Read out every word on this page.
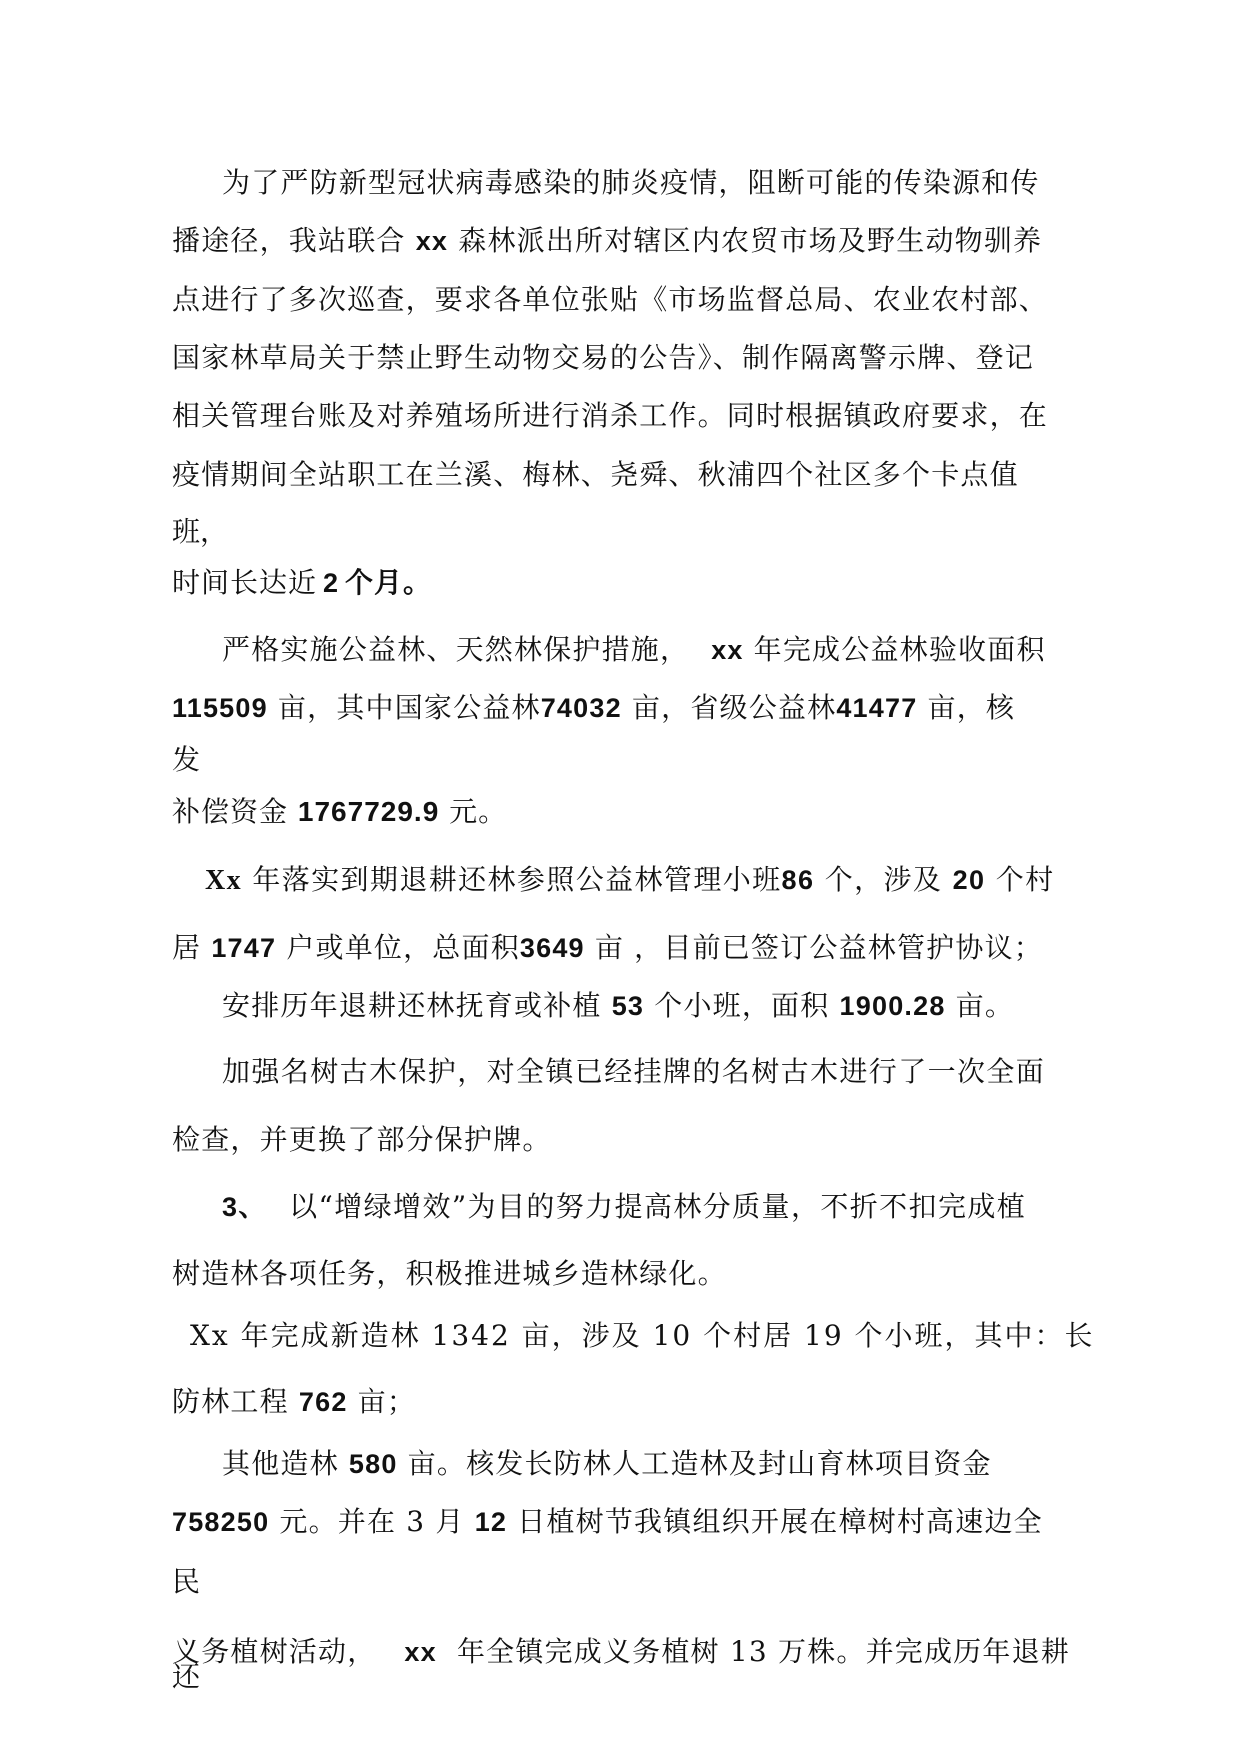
为了严防新型冠状病毒感染的肺炎疫情，阻断可能的传染源和传
播途径，我站联合 xx 森林派出所对辖区内农贸市场及野生动物驯养
点进行了多次巡查，要求各单位张贴《市场监督总局、农业农村部、
国家林草局关于禁止野生动物交易的公告》、制作隔离警示牌、登记
相关管理台账及对养殖场所进行消杀工作。同时根据镇政府要求，在
疫情期间全站职工在兰溪、梅林、尧舜、秋浦四个社区多个卡点值
班，
时间长达近 2 个月。
严格实施公益林、天然林保护措施， xx 年完成公益林验收面积
115509 亩，其中国家公益林74032 亩，省级公益林41477 亩，核
发
补偿资金 1767729.9 元。
Xx 年落实到期退耕还林参照公益林管理小班86 个，涉及 20 个村
居 1747 户或单位，总面积3649 亩 ，目前已签订公益林管护协议；
安排历年退耕还林抚育或补植 53 个小班，面积 1900.28 亩。
加强名树古木保护，对全镇已经挂牌的名树古木进行了一次全面
检查，并更换了部分保护牌。
3、 以“增绿增效”为目的努力提高林分质量，不折不扣完成植
树造林各项任务，积极推进城乡造林绿化。
Xx 年完成新造林 1342 亩，涉及 10 个村居 19 个小班，其中：长
防林工程 762 亩；
其他造林 580 亩。核发长防林人工造林及封山育林项目资金
758250 元。并在 3 月 12 日植树节我镇组织开展在樟树村高速边全
民
义务植树活动， xx 年全镇完成义务植树 13 万株。并完成历年退耕
还
